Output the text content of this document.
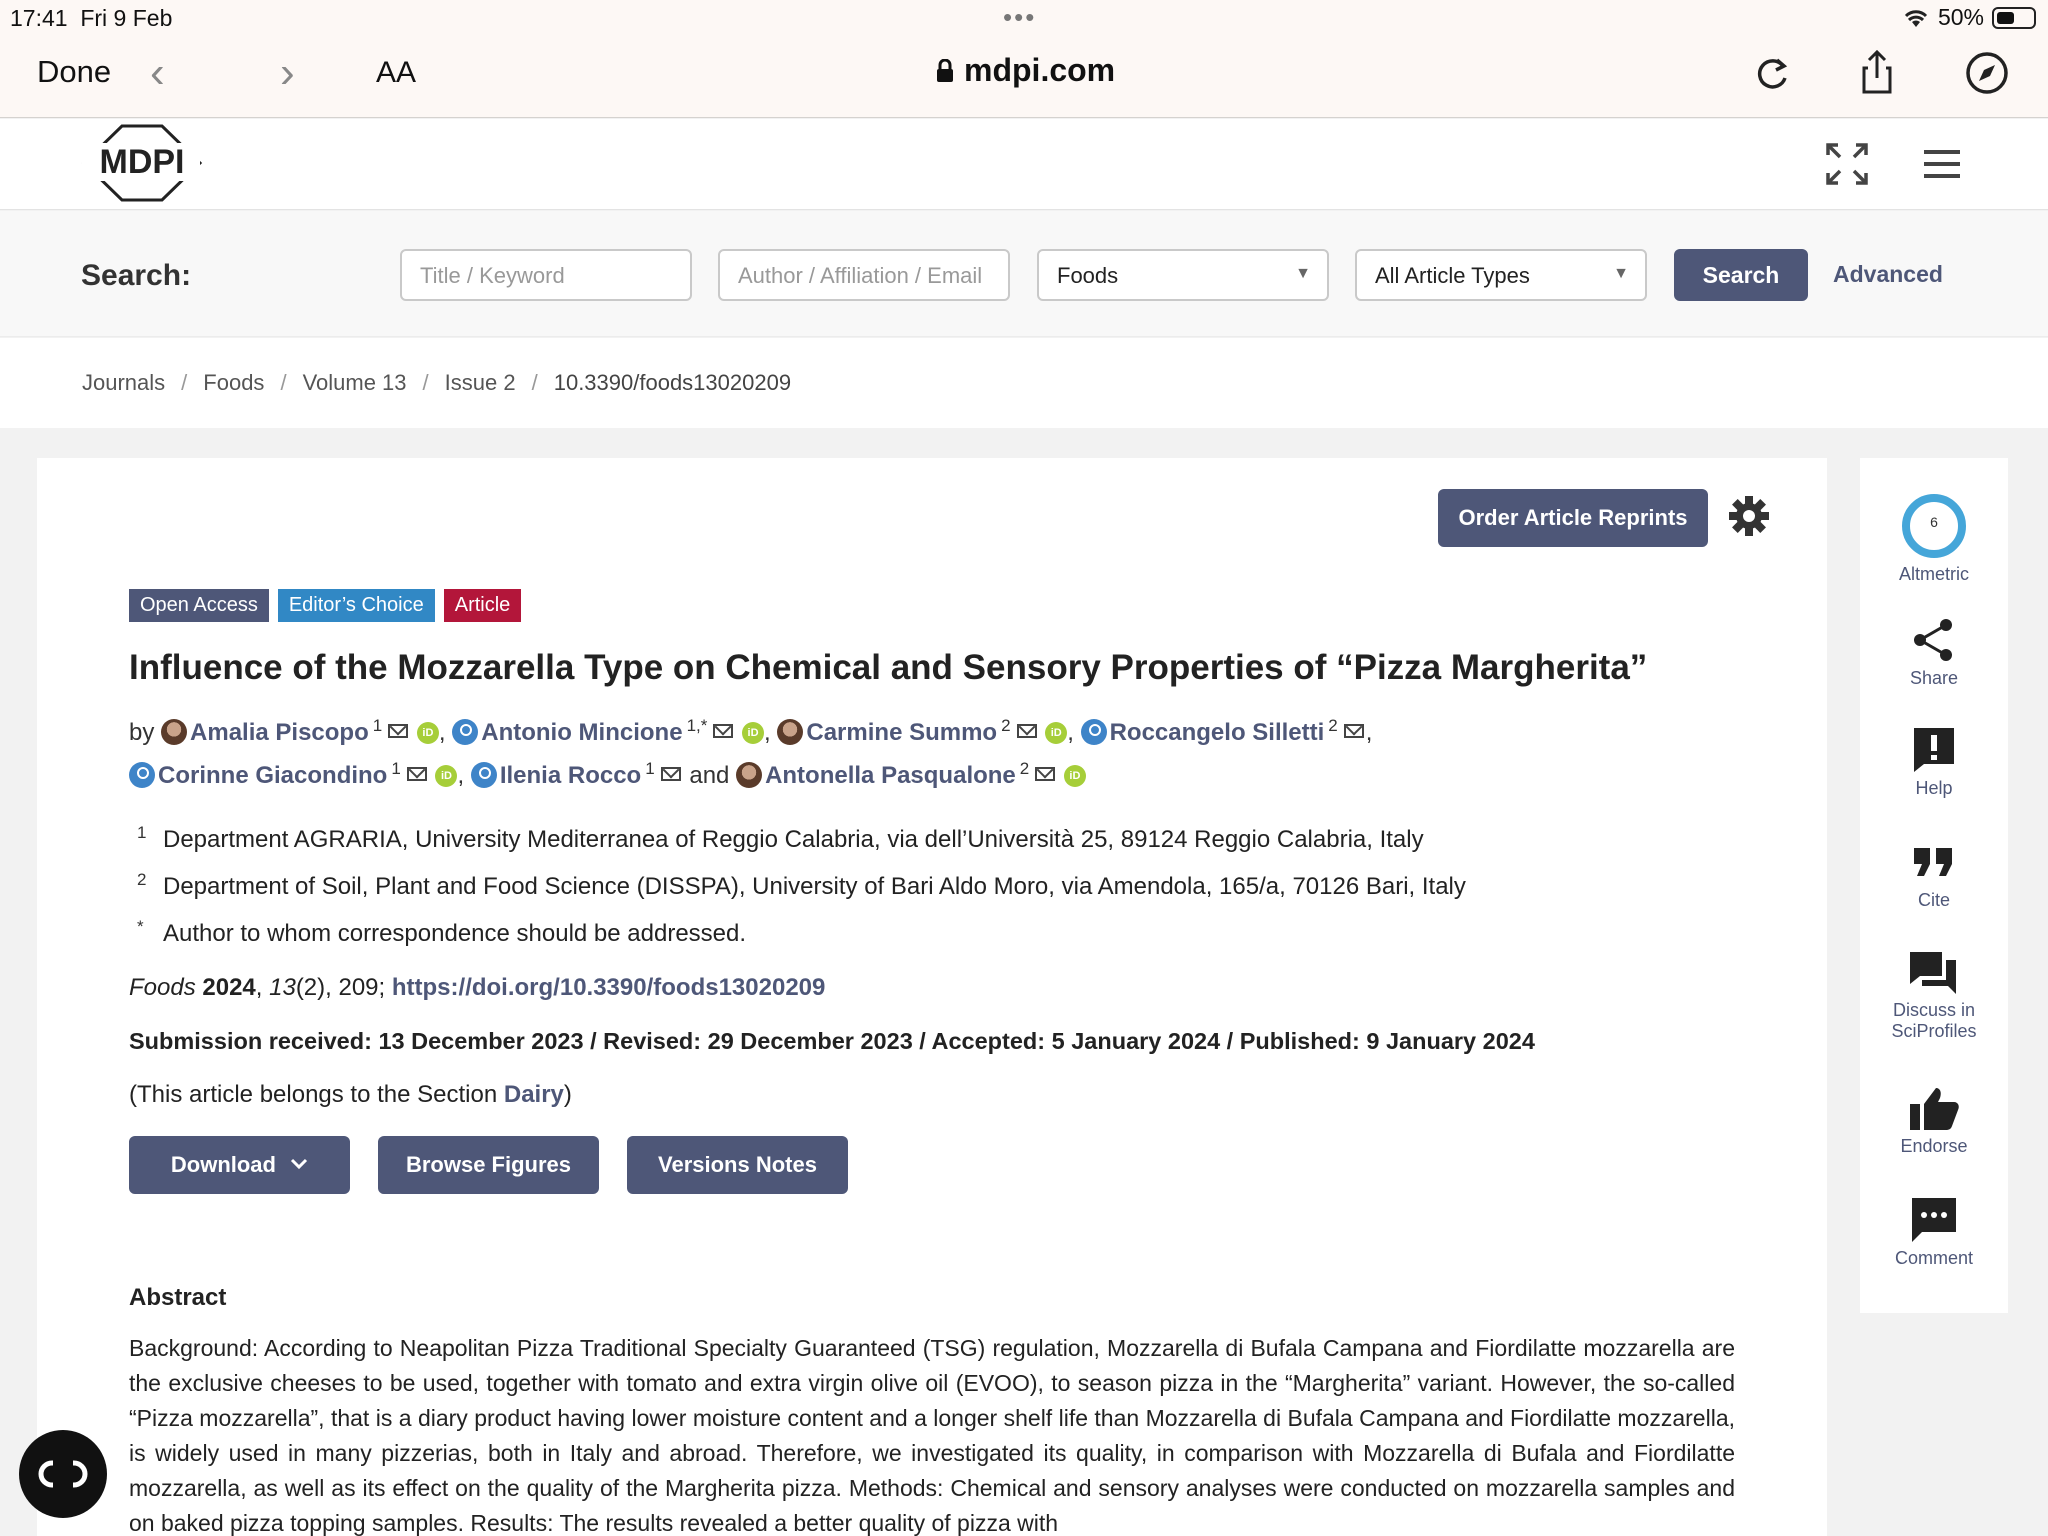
17:41 Fri 9 Feb	•••	50%
Done ‹	›	AA	mdpi.com
MDPI
Search:	Title / Keyword	Author / Affiliation / Email	Foods	▼	All Article Types	▼	Search	Advanced
Journals / Foods / Volume 13 / Issue 2 / 10.3390/foods13020209
Order Article Reprints
Open Access	Editor’s Choice	Article
Influence of the Mozzarella Type on Chemical and Sensory Properties of “Pizza Margherita”
by Amalia Piscopo $^1$	iD , Antonio Mincione $^{1,*}$	iD , Carmine Summo $^2$	iD , Roccangelo Silletti $^2$ ,
Corinne Giacondino $^1$	iD , Ilenia Rocco $^1$ and Antonella Pasqualone $^2$	iD
1 Department AGRARIA, University Mediterranea of Reggio Calabria, via dell’Università 25, 89124 Reggio Calabria, Italy
2 Department of Soil, Plant and Food Science (DISSPA), University of Bari Aldo Moro, via Amendola, 165/a, 70126 Bari, Italy
* Author to whom correspondence should be addressed.
Foods 2024, 13(2), 209; https://doi.org/10.3390/foods13020209
Submission received: 13 December 2023 / Revised: 29 December 2023 / Accepted: 5 January 2024 / Published: 9 January 2024
(This article belongs to the Section Dairy)
Download	Browse Figures	Versions Notes
Abstract

Background: According to Neapolitan Pizza Traditional Specialty Guaranteed (TSG) regulation, Mozzarella di Bufala Campana and Fiordilatte mozzarella are the exclusive cheeses to be used, together with tomato and extra virgin olive oil (EVOO), to season pizza in the “Margherita” variant. However, the so-called “Pizza mozzarella”, that is a diary product having lower moisture content and a longer shelf life than Mozzarella di Bufala Campana and Fiordilatte mozzarella, is widely used in many pizzerias, both in Italy and abroad. Therefore, we investigated its quality, in comparison with Mozzarella di Bufala and Fiordilatte mozzarella, as well as its effect on the quality of the Margherita pizza. Methods: Chemical and sensory analyses were conducted on mozzarella samples and on baked pizza topping samples. Results: The results revealed a better quality of pizza with

6
Altmetric
Share
Help
Cite
Discuss in
SciProfiles
Endorse
Comment
